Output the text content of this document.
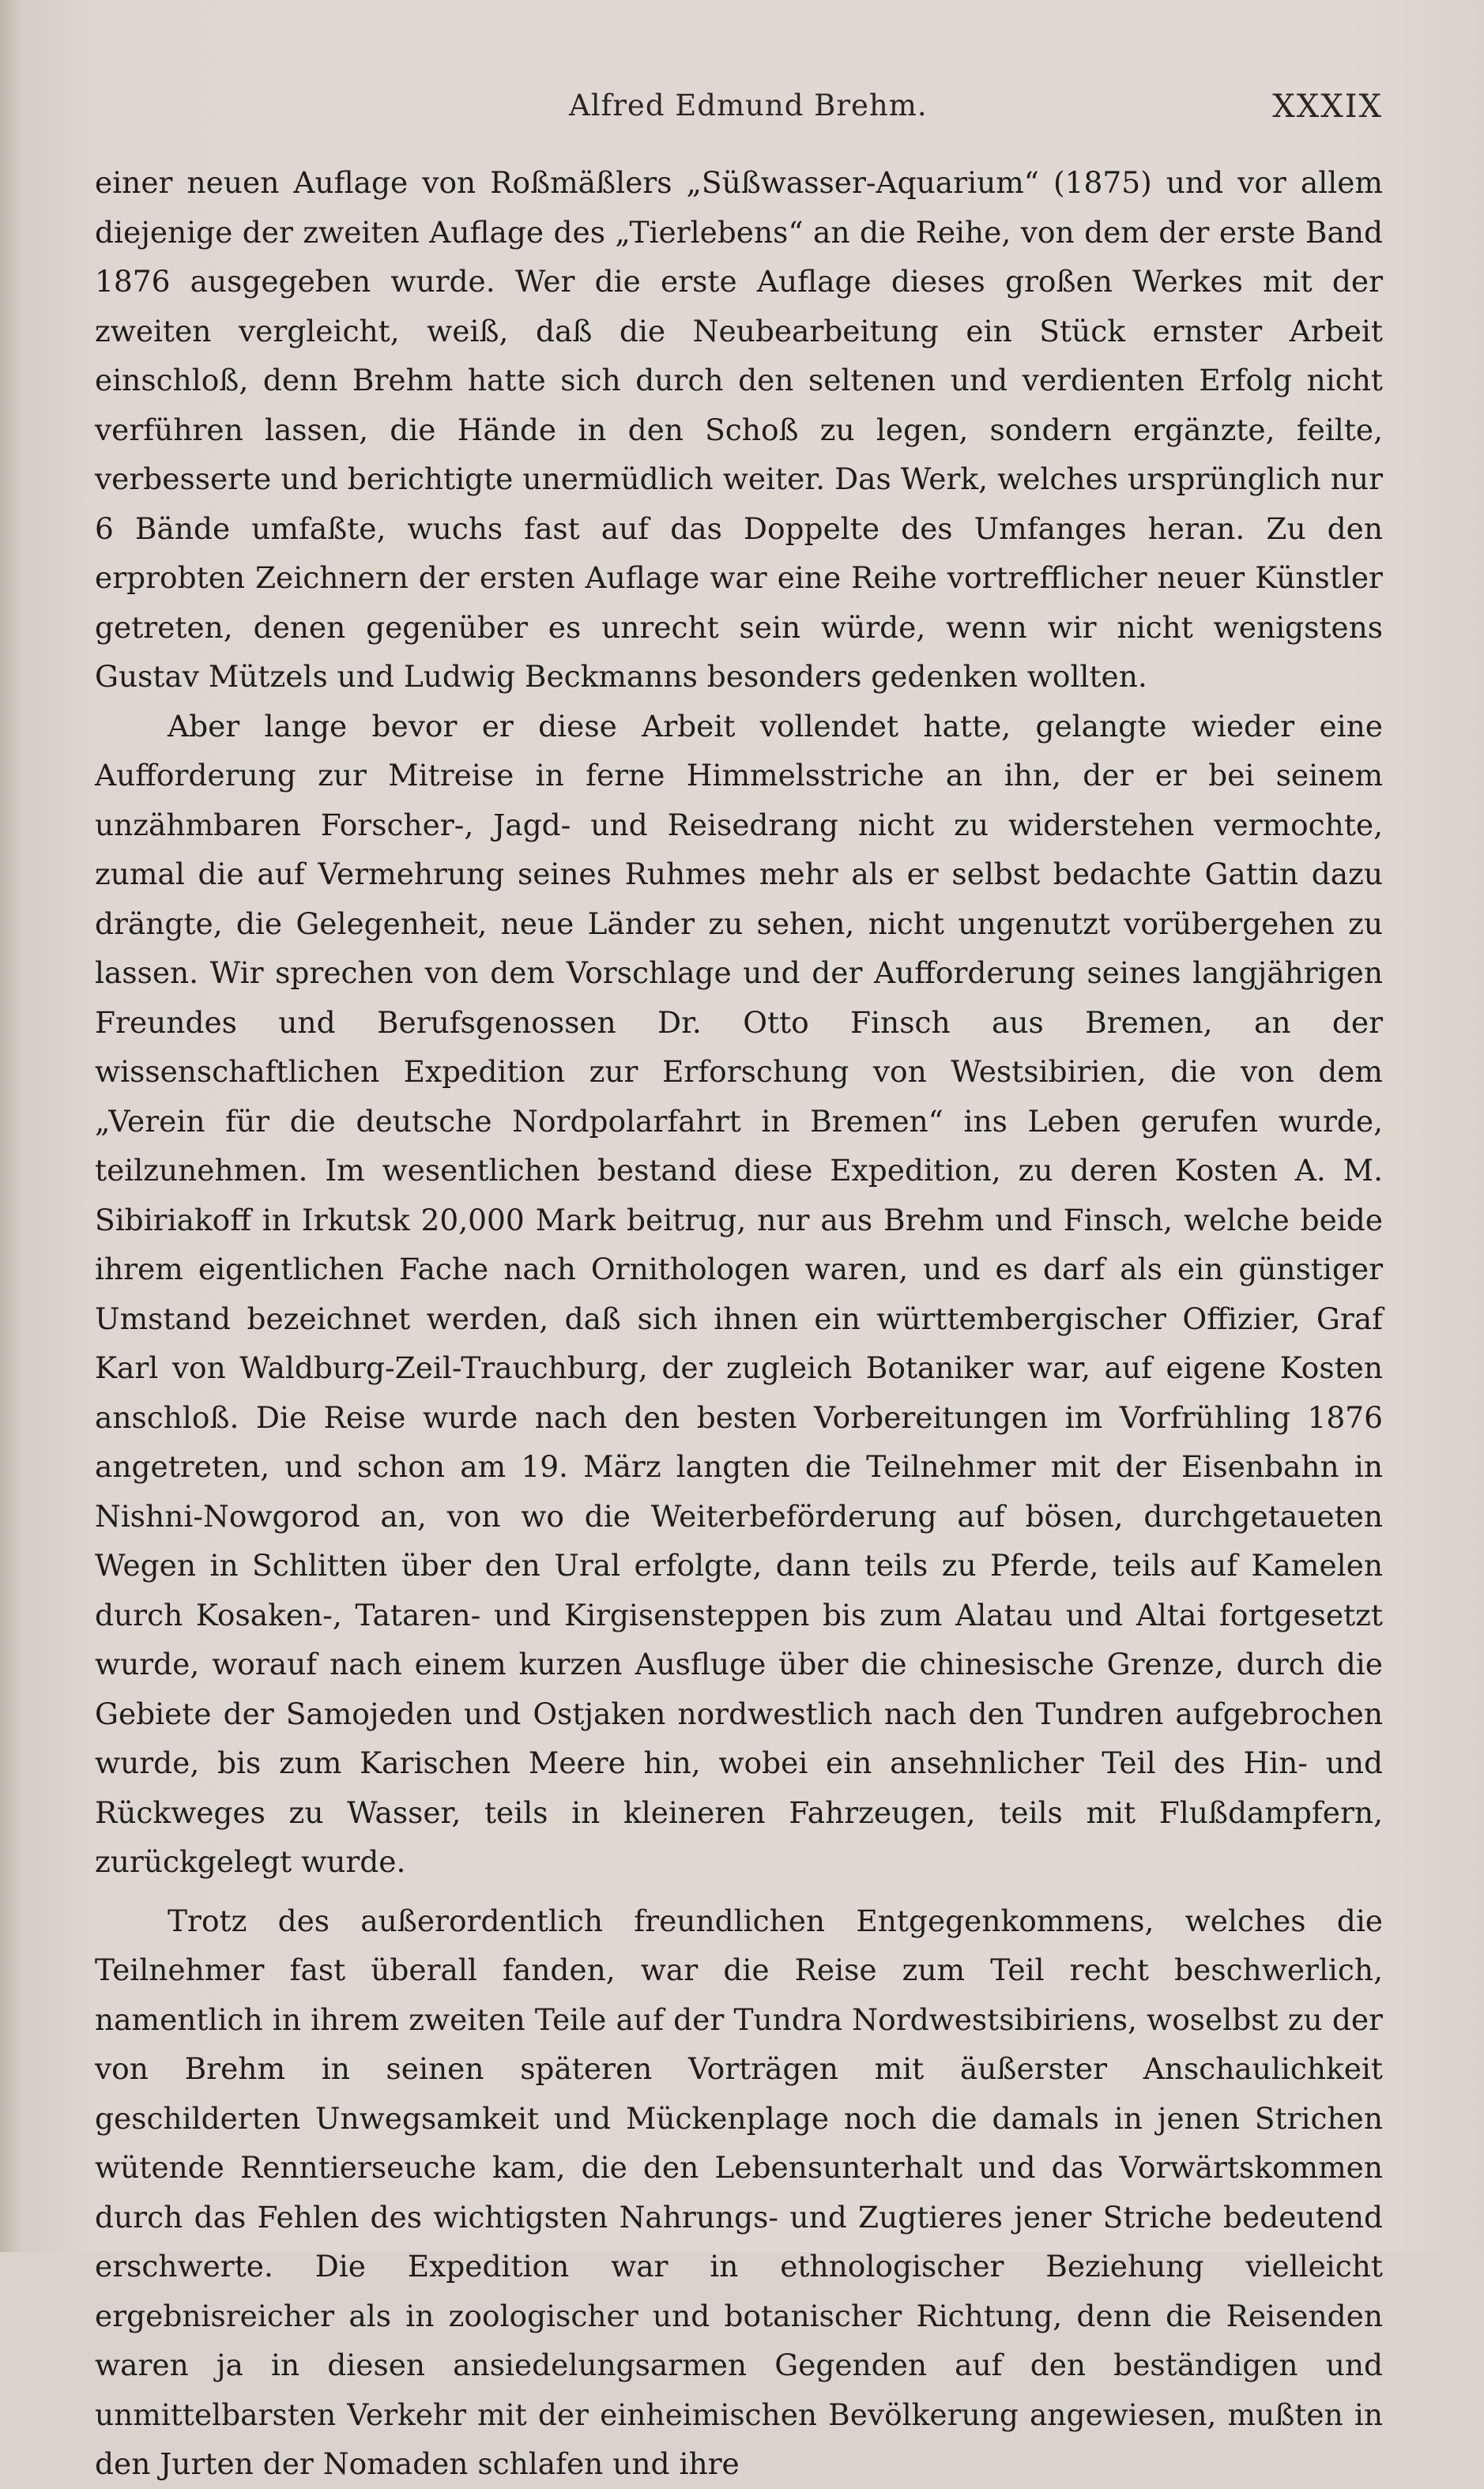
Alfred Edmund Brehm.	XXXIX

einer neuen Auflage von Roßmäßlers „Süßwasser-Aquarium“ (1875) und vor allem diejenige der zweiten Auflage des „Tierlebens“ an die Reihe, von dem der erste Band 1876 ausgegeben wurde. Wer die erste Auflage dieses großen Werkes mit der zweiten vergleicht, weiß, daß die Neubearbeitung ein Stück ernster Arbeit einschloß, denn Brehm hatte sich durch den seltenen und verdienten Erfolg nicht verführen lassen, die Hände in den Schoß zu legen, sondern ergänzte, feilte, verbesserte und berichtigte unermüdlich weiter. Das Werk, welches ursprünglich nur 6 Bände umfaßte, wuchs fast auf das Doppelte des Umfanges heran. Zu den erprobten Zeichnern der ersten Auflage war eine Reihe vortrefflicher neuer Künstler getreten, denen gegenüber es unrecht sein würde, wenn wir nicht wenigstens Gustav Mützels und Ludwig Beckmanns besonders gedenken wollten.

Aber lange bevor er diese Arbeit vollendet hatte, gelangte wieder eine Aufforderung zur Mitreise in ferne Himmelsstriche an ihn, der er bei seinem unzähmbaren Forscher-, Jagd- und Reisedrang nicht zu widerstehen vermochte, zumal die auf Vermehrung seines Ruhmes mehr als er selbst bedachte Gattin dazu drängte, die Gelegenheit, neue Länder zu sehen, nicht ungenutzt vorübergehen zu lassen. Wir sprechen von dem Vorschlage und der Aufforderung seines langjährigen Freundes und Berufsgenossen Dr. Otto Finsch aus Bremen, an der wissenschaftlichen Expedition zur Erforschung von Westsibirien, die von dem „Verein für die deutsche Nordpolarfahrt in Bremen“ ins Leben gerufen wurde, teilzunehmen. Im wesentlichen bestand diese Expedition, zu deren Kosten A. M. Sibiriakoff in Irkutsk 20,000 Mark beitrug, nur aus Brehm und Finsch, welche beide ihrem eigentlichen Fache nach Ornithologen waren, und es darf als ein günstiger Umstand bezeichnet werden, daß sich ihnen ein württembergischer Offizier, Graf Karl von Waldburg-Zeil-Trauchburg, der zugleich Botaniker war, auf eigene Kosten anschloß. Die Reise wurde nach den besten Vorbereitungen im Vorfrühling 1876 angetreten, und schon am 19. März langten die Teilnehmer mit der Eisenbahn in Nishni-Nowgorod an, von wo die Weiterbeförderung auf bösen, durchgetaueten Wegen in Schlitten über den Ural erfolgte, dann teils zu Pferde, teils auf Kamelen durch Kosaken-, Tataren- und Kirgisensteppen bis zum Alatau und Altai fortgesetzt wurde, worauf nach einem kurzen Ausfluge über die chinesische Grenze, durch die Gebiete der Samojeden und Ostjaken nordwestlich nach den Tundren aufgebrochen wurde, bis zum Karischen Meere hin, wobei ein ansehnlicher Teil des Hin- und Rückweges zu Wasser, teils in kleineren Fahrzeugen, teils mit Flußdampfern, zurückgelegt wurde.

Trotz des außerordentlich freundlichen Entgegenkommens, welches die Teilnehmer fast überall fanden, war die Reise zum Teil recht beschwerlich, namentlich in ihrem zweiten Teile auf der Tundra Nordwestsibiriens, woselbst zu der von Brehm in seinen späteren Vorträgen mit äußerster Anschaulichkeit geschilderten Unwegsamkeit und Mückenplage noch die damals in jenen Strichen wütende Renntierseuche kam, die den Lebensunterhalt und das Vorwärtskommen durch das Fehlen des wichtigsten Nahrungs- und Zugtieres jener Striche bedeutend erschwerte. Die Expedition war in ethnologischer Beziehung vielleicht ergebnisreicher als in zoologischer und botanischer Richtung, denn die Reisenden waren ja in diesen ansiedelungsarmen Gegenden auf den beständigen und unmittelbarsten Verkehr mit der einheimischen Bevölkerung angewiesen, mußten in den Jurten der Nomaden schlafen und ihre
